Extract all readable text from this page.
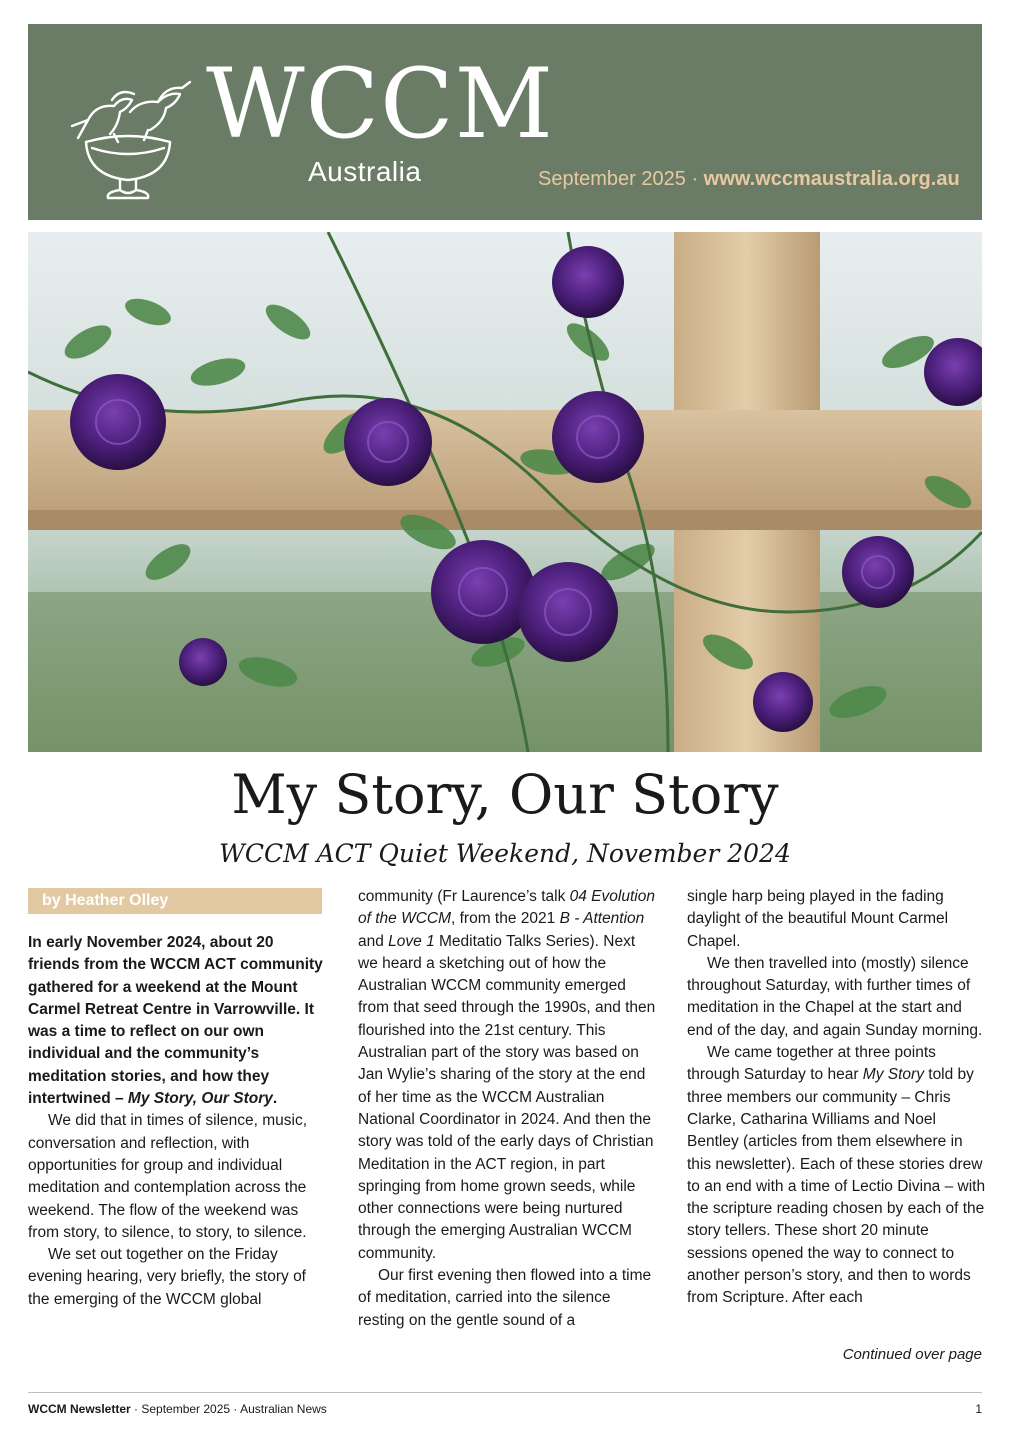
WCCM
Australia	September 2025 · www.wccmaustralia.org.au
My Story, Our Story
WCCM ACT Quiet Weekend, November 2024
by Heather Olley

In early November 2024, about 20 friends from the WCCM ACT community gathered for a weekend at the Mount Carmel Retreat Centre in Varrowville. It was a time to reflect on our own individual and the community’s meditation stories, and how they intertwined – My Story, Our Story.

We did that in times of silence, music, conversation and reflection, with opportunities for group and individual meditation and contemplation across the weekend. The flow of the weekend was from story, to silence, to story, to silence.

We set out together on the Friday evening hearing, very briefly, the story of the emerging of the WCCM global

community (Fr Laurence’s talk 04 Evolution of the WCCM, from the 2021 B - Attention and Love 1 Meditatio Talks Series). Next we heard a sketching out of how the Australian WCCM community emerged from that seed through the 1990s, and then flourished into the 21st century. This Australian part of the story was based on Jan Wylie’s sharing of the story at the end of her time as the WCCM Australian National Coordinator in 2024. And then the story was told of the early days of Christian Meditation in the ACT region, in part springing from home grown seeds, while other connections were being nurtured through the emerging Australian WCCM community.

Our first evening then flowed into a time of meditation, carried into the silence resting on the gentle sound of a

single harp being played in the fading daylight of the beautiful Mount Carmel Chapel.

We then travelled into (mostly) silence throughout Saturday, with further times of meditation in the Chapel at the start and end of the day, and again Sunday morning.

We came together at three points through Saturday to hear My Story told by three members our community – Chris Clarke, Catharina Williams and Noel Bentley (articles from them elsewhere in this newsletter). Each of these stories drew to an end with a time of Lectio Divina – with the scripture reading chosen by each of the story tellers. These short 20 minute sessions opened the way to connect to another person’s story, and then to words from Scripture. After each

Continued over page
WCCM Newsletter · September 2025 · Australian News	1
